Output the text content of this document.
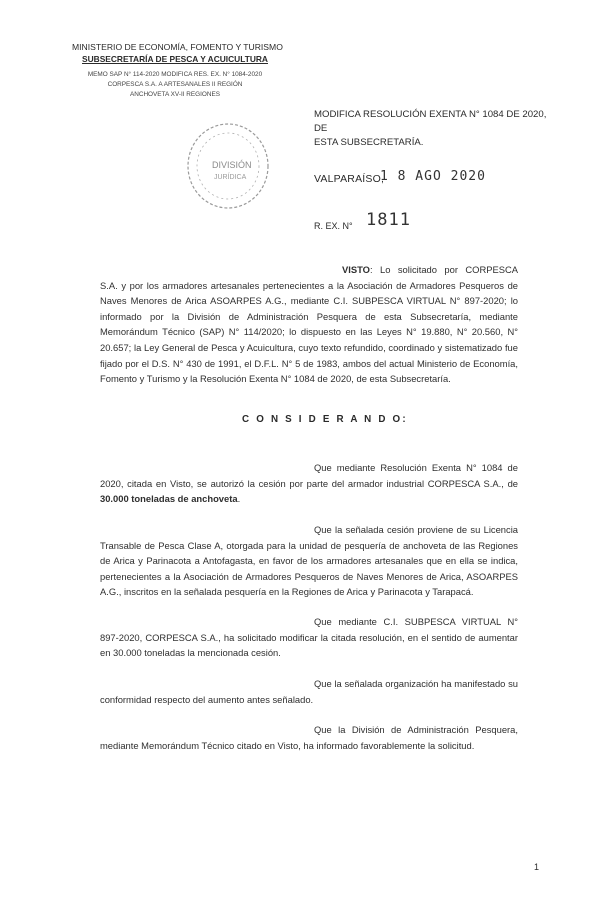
MINISTERIO DE ECONOMÍA, FOMENTO Y TURISMO
SUBSECRETARÍA DE PESCA Y ACUICULTURA
MEMO SAP N° 114-2020 MODIFICA RES. EX. N° 1084-2020
CORPESCA S.A. A ARTESANALES II REGIÓN
ANCHOVETA XV-II REGIONES
MODIFICA RESOLUCIÓN EXENTA N° 1084 DE 2020, DE
ESTA SUBSECRETARÍA.
DIVISIÓN
JURÍDICA	VALPARAÍSO,
1 8 AGO 2020
R. EX. N° 1811

VISTO: Lo solicitado por CORPESCA S.A. y por los armadores artesanales pertenecientes a la Asociación de Armadores Pesqueros de Naves Menores de Arica ASOARPES A.G., mediante C.I. SUBPESCA VIRTUAL N° 897-2020; lo informado por la División de Administración Pesquera de esta Subsecretaría, mediante Memorándum Técnico (SAP) N° 114/2020; lo dispuesto en las Leyes N° 19.880, N° 20.560, N° 20.657; la Ley General de Pesca y Acuicultura, cuyo texto refundido, coordinado y sistematizado fue fijado por el D.S. N° 430 de 1991, el D.F.L. N° 5 de 1983, ambos del actual Ministerio de Economía, Fomento y Turismo y la Resolución Exenta N° 1084 de 2020, de esta Subsecretaría.

C O N S I D E R A N D O:

Que mediante Resolución Exenta N° 1084 de 2020, citada en Visto, se autorizó la cesión por parte del armador industrial CORPESCA S.A., de 30.000 toneladas de anchoveta.

Que la señalada cesión proviene de su Licencia Transable de Pesca Clase A, otorgada para la unidad de pesquería de anchoveta de las Regiones de Arica y Parinacota a Antofagasta, en favor de los armadores artesanales que en ella se indica, pertenecientes a la Asociación de Armadores Pesqueros de Naves Menores de Arica, ASOARPES A.G., inscritos en la señalada pesquería en la Regiones de Arica y Parinacota y Tarapacá.

Que mediante C.I. SUBPESCA VIRTUAL N° 897-2020, CORPESCA S.A., ha solicitado modificar la citada resolución, en el sentido de aumentar en 30.000 toneladas la mencionada cesión.

Que la señalada organización ha manifestado su conformidad respecto del aumento antes señalado.

Que la División de Administración Pesquera, mediante Memorándum Técnico citado en Visto, ha informado favorablemente la solicitud.

1
